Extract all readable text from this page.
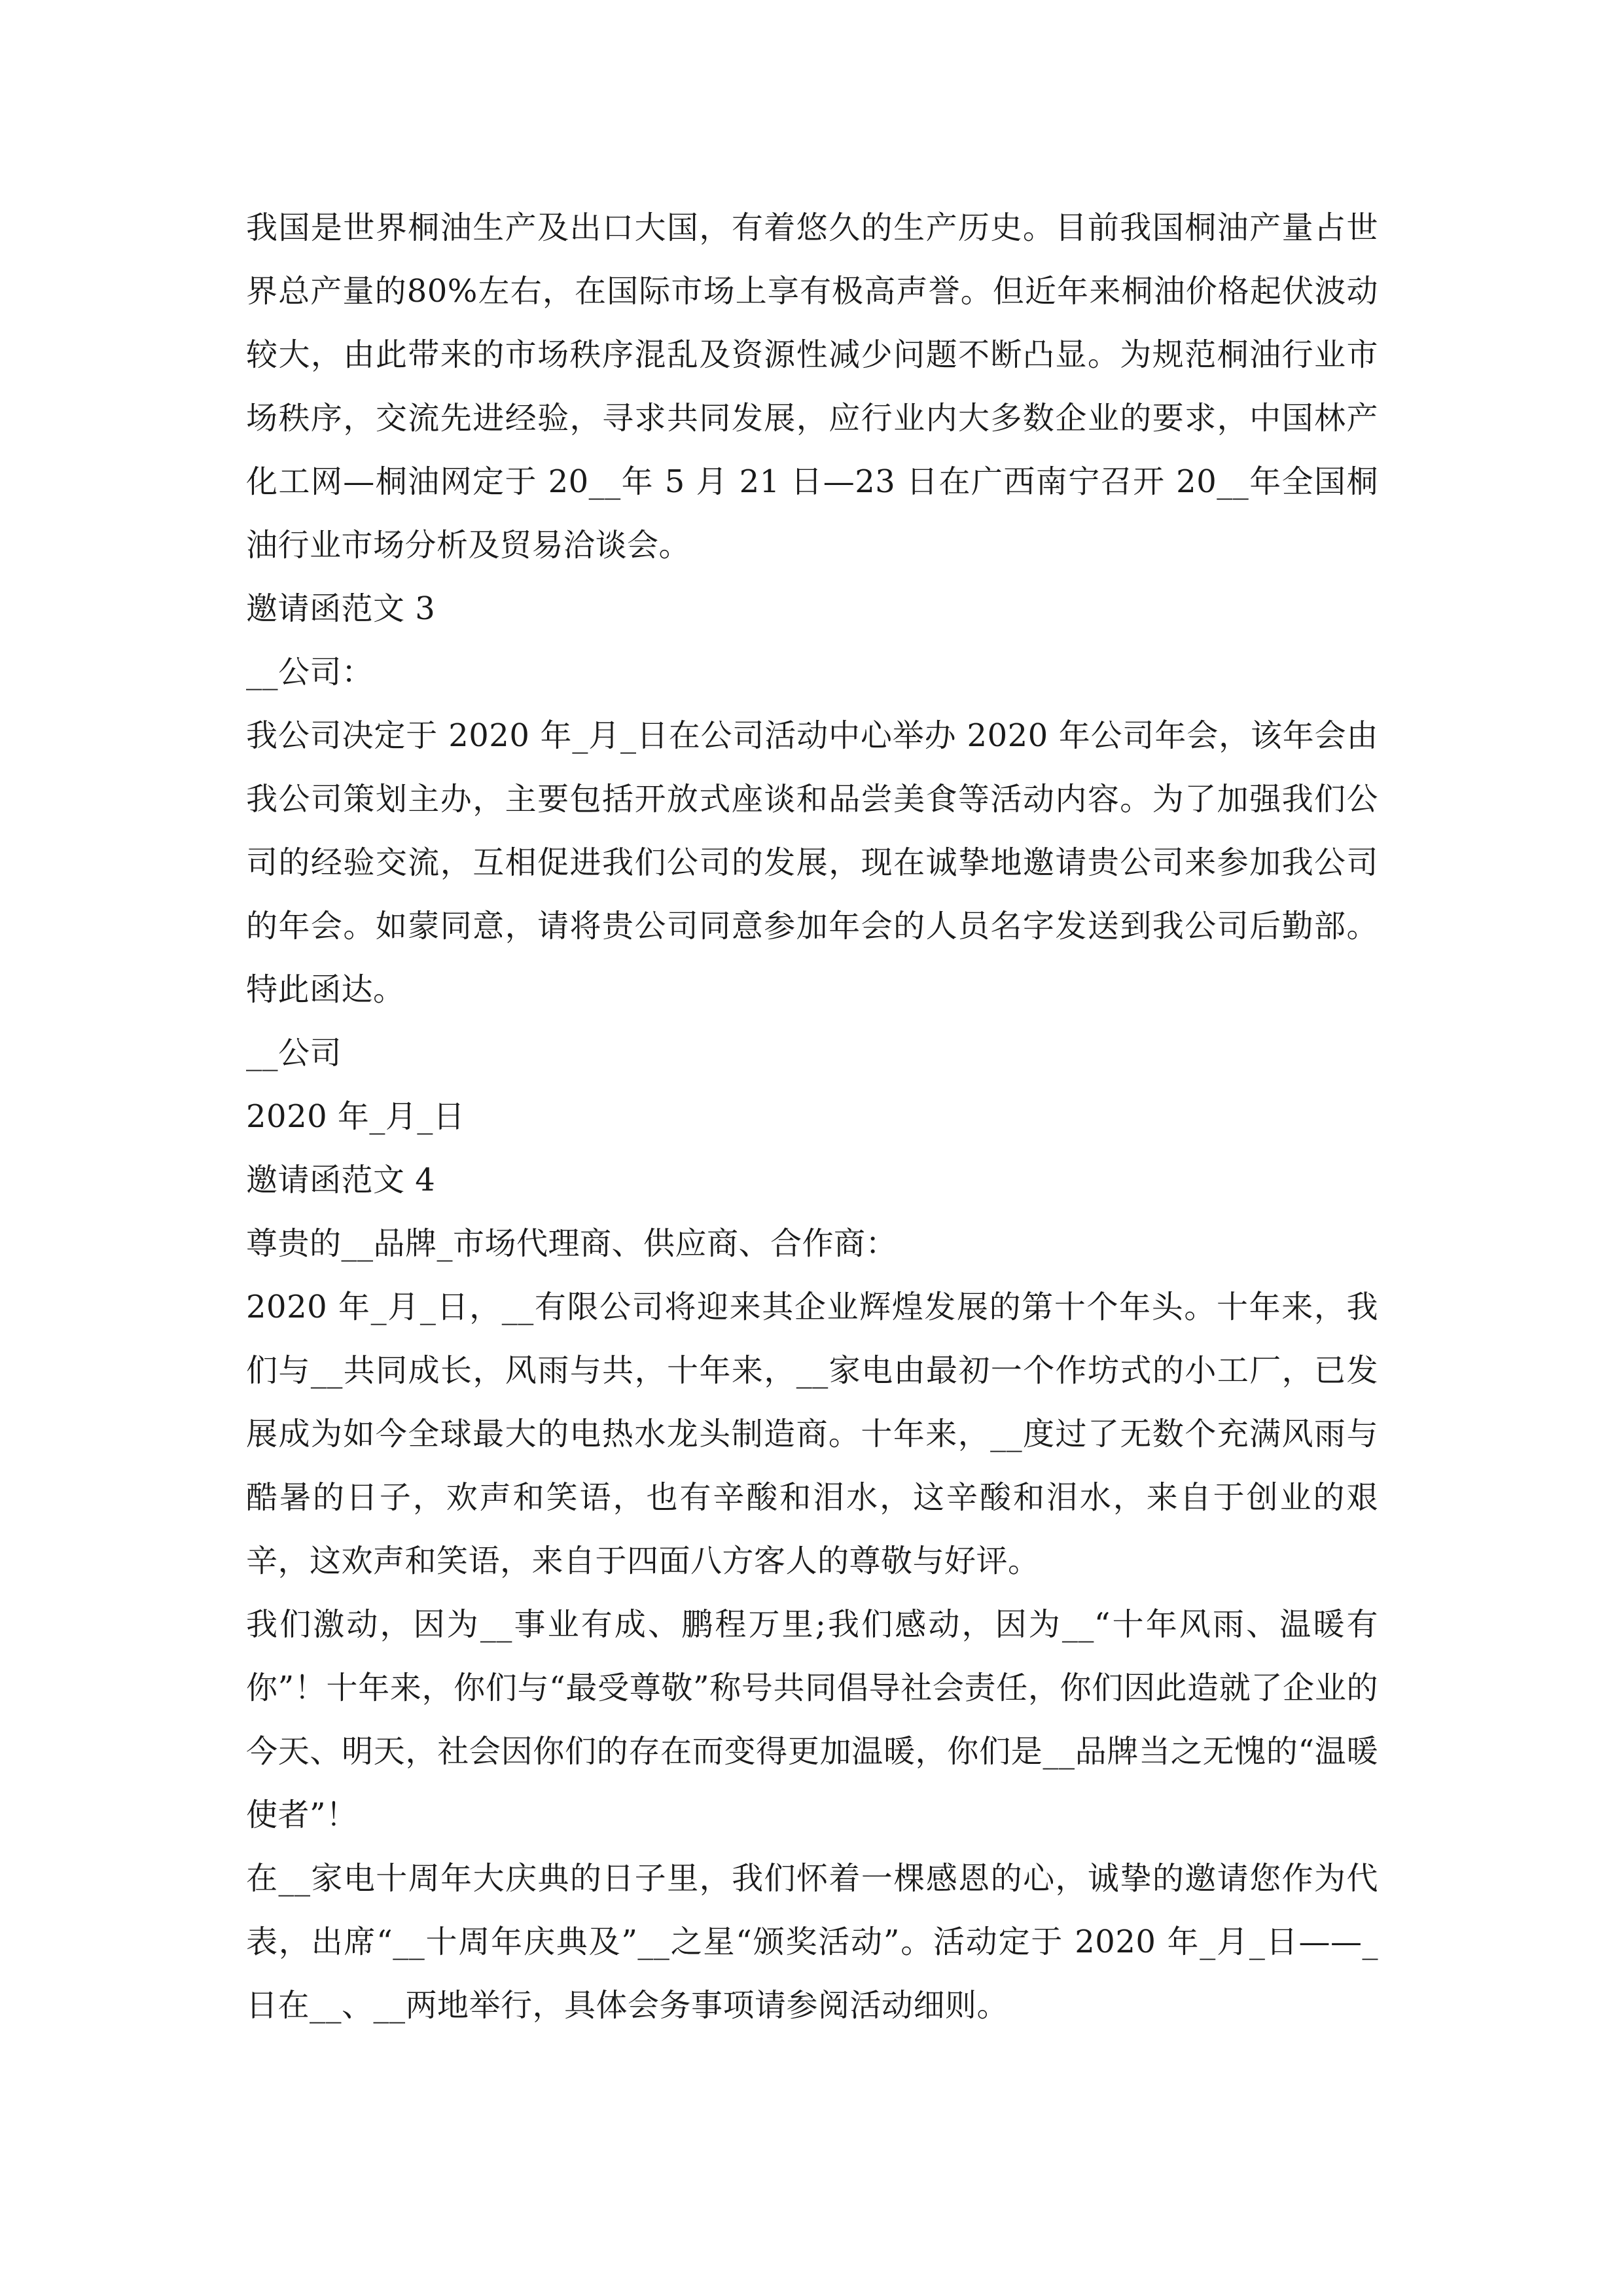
我国是世界桐油生产及出口大国，有着悠久的生产历史。目前我国桐油产量占世界总产量的80%左右，在国际市场上享有极高声誉。但近年来桐油价格起伏波动较大，由此带来的市场秩序混乱及资源性减少问题不断凸显。为规范桐油行业市场秩序，交流先进经验，寻求共同发展，应行业内大多数企业的要求，中国林产化工网—桐油网定于 20__年 5 月 21 日—23 日在广西南宁召开 20__年全国桐油行业市场分析及贸易洽谈会。

邀请函范文 3

__公司：

我公司决定于 2020 年_月_日在公司活动中心举办 2020 年公司年会，该年会由我公司策划主办，主要包括开放式座谈和品尝美食等活动内容。为了加强我们公司的经验交流，互相促进我们公司的发展，现在诚挚地邀请贵公司来参加我公司的年会。如蒙同意，请将贵公司同意参加年会的人员名字发送到我公司后勤部。特此函达。

__公司

2020 年_月_日

邀请函范文 4

尊贵的__品牌_市场代理商、供应商、合作商：

2020 年_月_日，__有限公司将迎来其企业辉煌发展的第十个年头。十年来，我们与__共同成长，风雨与共，十年来，__家电由最初一个作坊式的小工厂，已发展成为如今全球最大的电热水龙头制造商。十年来，__度过了无数个充满风雨与酷暑的日子，欢声和笑语，也有辛酸和泪水，这辛酸和泪水，来自于创业的艰辛，这欢声和笑语，来自于四面八方客人的尊敬与好评。

我们激动，因为__事业有成、鹏程万里;我们感动，因为__“十年风雨、温暖有你”！十年来，你们与“最受尊敬”称号共同倡导社会责任，你们因此造就了企业的今天、明天，社会因你们的存在而变得更加温暖，你们是__品牌当之无愧的“温暖使者”！

在__家电十周年大庆典的日子里，我们怀着一棵感恩的心，诚挚的邀请您作为代表，出席“__十周年庆典及”__之星“颁奖活动”。活动定于 2020 年_月_日——_日在__、__两地举行，具体会务事项请参阅活动细则。
